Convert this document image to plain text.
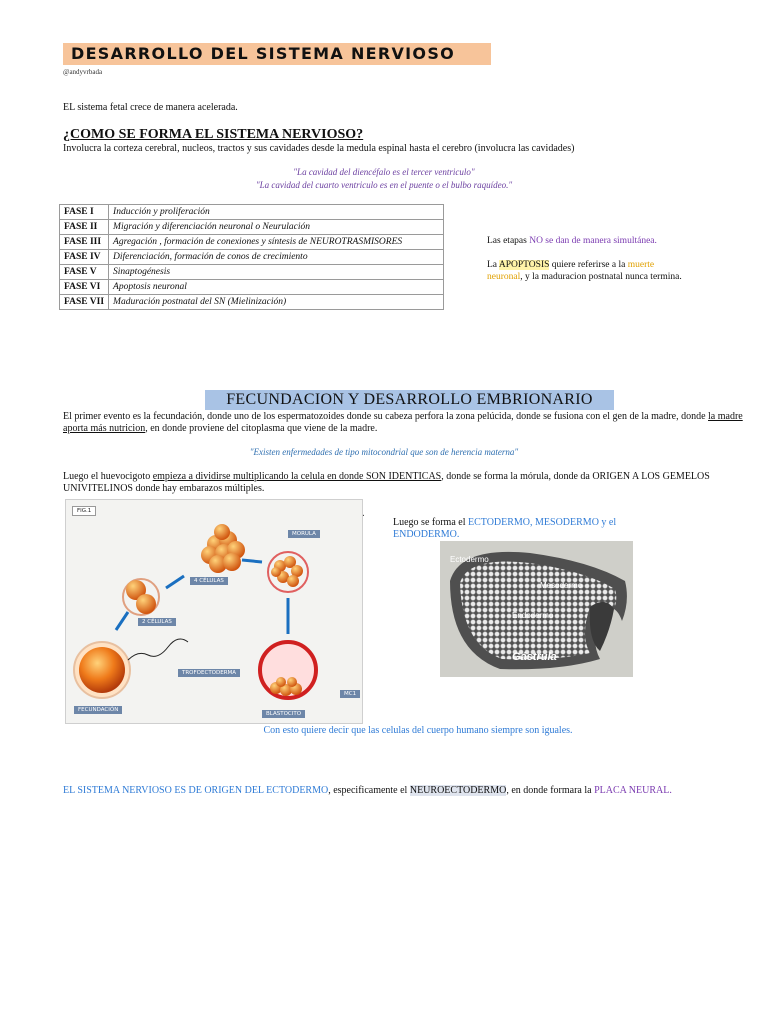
DESARROLLO DEL SISTEMA NERVIOSO
@andyvrbada
EL sistema fetal crece de manera acelerada.
¿COMO SE FORMA EL SISTEMA NERVIOSO?
Involucra la corteza cerebral, nucleos, tractos y sus cavidades desde la medula espinal hasta el cerebro (involucra las cavidades)
"La cavidad del diencéfalo es el tercer ventriculo"
"La cavidad del cuarto ventriculo es en el puente o el bulbo raquídeo."
FASE I	Inducción y proliferación
FASE II	Migración y diferenciación neuronal o Neurulación
FASE III	Agregación , formación de conexiones y síntesis de NEUROTRASMISORES
FASE IV	Diferenciación, formación de conos de crecimiento
FASE V	Sinaptogénesis
FASE VI	Apoptosis neuronal
FASE VII	Maduración postnatal del SN (Mielinización)
Las etapas NO se dan de manera simultánea.
La APOPTOSIS quiere referirse a la muerte
neuronal, y la maduracion postnatal nunca termina.
FECUNDACION Y DESARROLLO EMBRIONARIO
El primer evento es la fecundación, donde uno de los espermatozoides donde su cabeza perfora la zona pelúcida, donde se fusiona con el gen de la madre, donde la madre aporta más nutricion, en donde proviene del citoplasma que viene de la madre.
"Existen enfermedades de tipo mitocondrial que son de herencia materna"
Luego el huevocigoto empieza a dividirse multiplicando la celula en donde SON IDENTICAS, donde se forma la mórula, donde da ORIGEN A LOS GEMELOS UNIVITELINOS donde hay embarazos múltiples.
FIG.1
MORULA
4 CÉLULAS
2 CÉLULAS
TROFOECTODERMA
MC1
FECUNDACIÓN
BLASTOCITO
Luego se forma el ECTODERMO, MESODERMO y el ENDODERMO.
Ectodermo
Mesodermo
Endodermo
Gástrula
Con esto quiere decir que las celulas del cuerpo humano siempre son iguales.
EL SISTEMA NERVIOSO ES DE ORIGEN DEL ECTODERMO, especificamente el NEUROECTODERMO, en donde formara la PLACA NEURAL.
